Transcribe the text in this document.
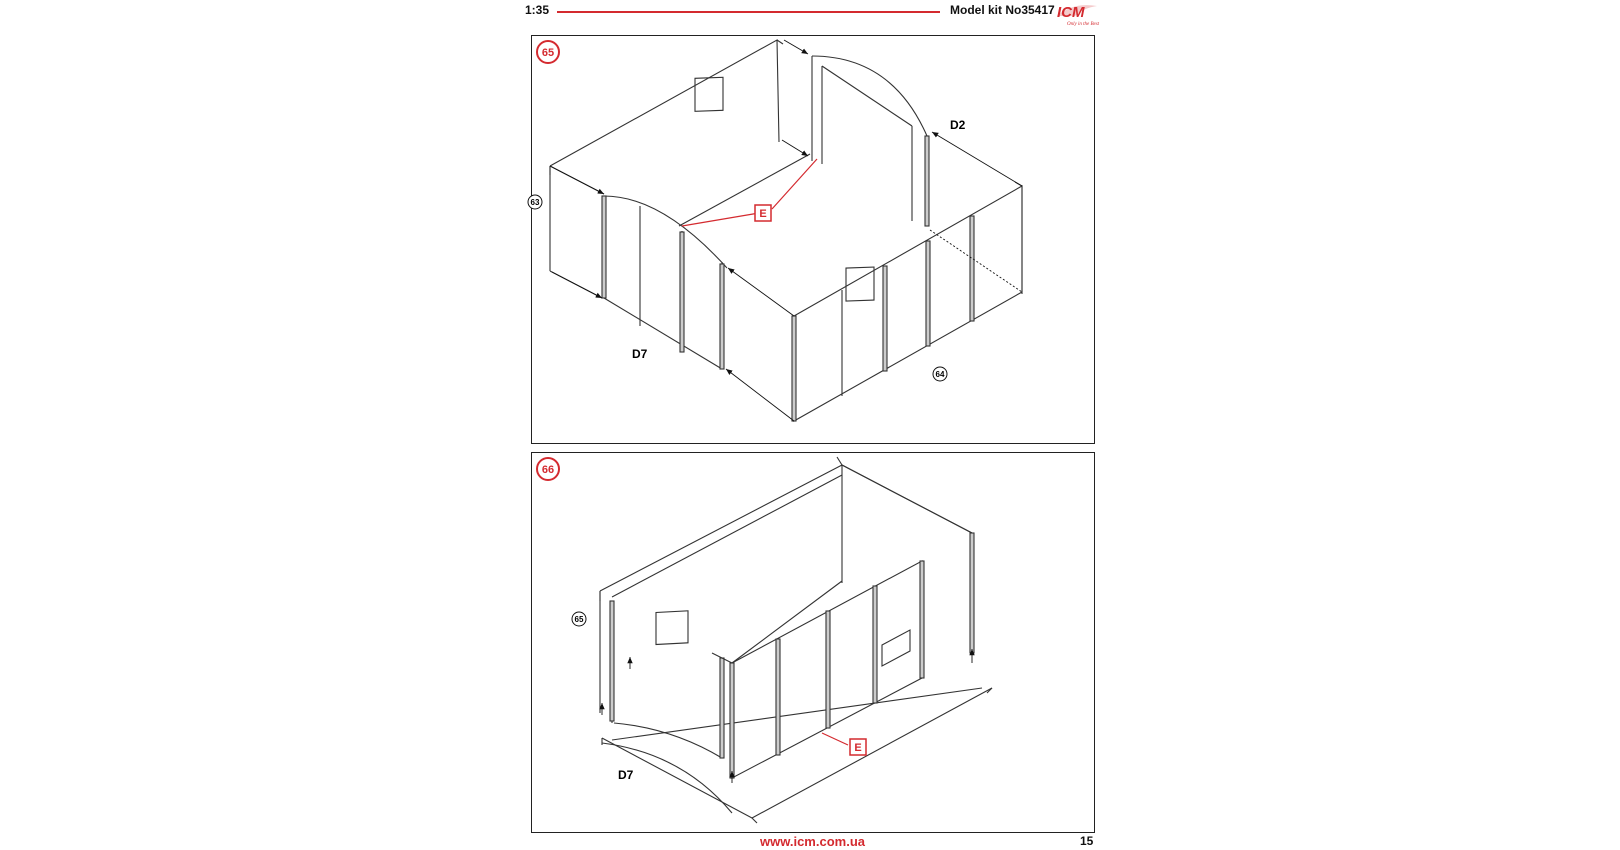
1:35	Model kit No35417 ICM
Only in the Best
65
E
D2
D7
63
64
66
E
D7
65
www.icm.com.ua	15
